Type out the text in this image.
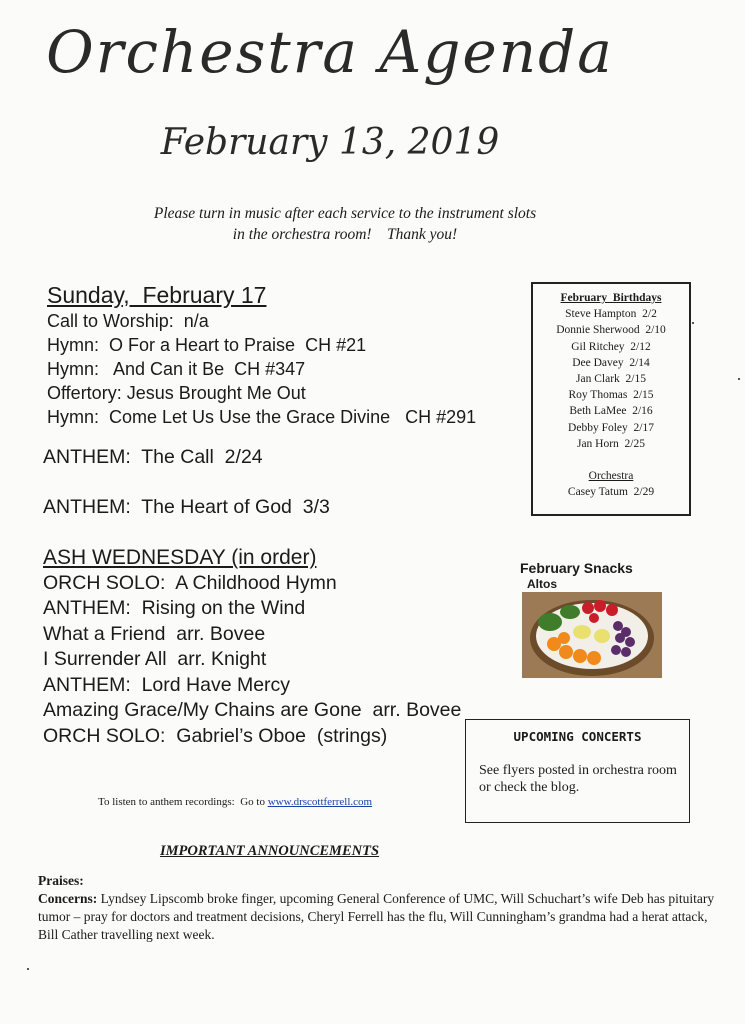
Orchestra Agenda
February 13, 2019
Please turn in music after each service to the instrument slots
in the orchestra room!    Thank you!
Sunday,  February 17
Call to Worship:  n/a
Hymn:  O For a Heart to Praise  CH #21
Hymn:   And Can it Be  CH #347
Offertory: Jesus Brought Me Out
Hymn:  Come Let Us Use the Grace Divine   CH #291
ANTHEM:  The Call  2/24
ANTHEM:  The Heart of God  3/3
ASH WEDNESDAY (in order)
ORCH SOLO:  A Childhood Hymn
ANTHEM:  Rising on the Wind
What a Friend  arr. Bovee
I Surrender All  arr. Knight
ANTHEM:  Lord Have Mercy
Amazing Grace/My Chains are Gone  arr. Bovee
ORCH SOLO:  Gabriel’s Oboe  (strings)
To listen to anthem recordings:  Go to www.drscottferrell.com
IMPORTANT ANNOUNCEMENTS
Praises:
Concerns: Lyndsey Lipscomb broke finger, upcoming General Conference of UMC, Will Schuchart’s wife Deb has pituitary tumor – pray for doctors and treatment decisions, Cheryl Ferrell has the flu, Will Cunningham’s grandma had a herat attack, Bill Cather travelling next week.
February  Birthdays
Steve Hampton  2/2
Donnie Sherwood  2/10
Gil Ritchey  2/12
Dee Davey  2/14
Jan Clark  2/15
Roy Thomas  2/15
Beth LaMee  2/16
Debby Foley  2/17
Jan Horn  2/25
Orchestra
Casey Tatum  2/29
February Snacks
Altos
UPCOMING CONCERTS
See flyers posted in orchestra room or check the blog.
